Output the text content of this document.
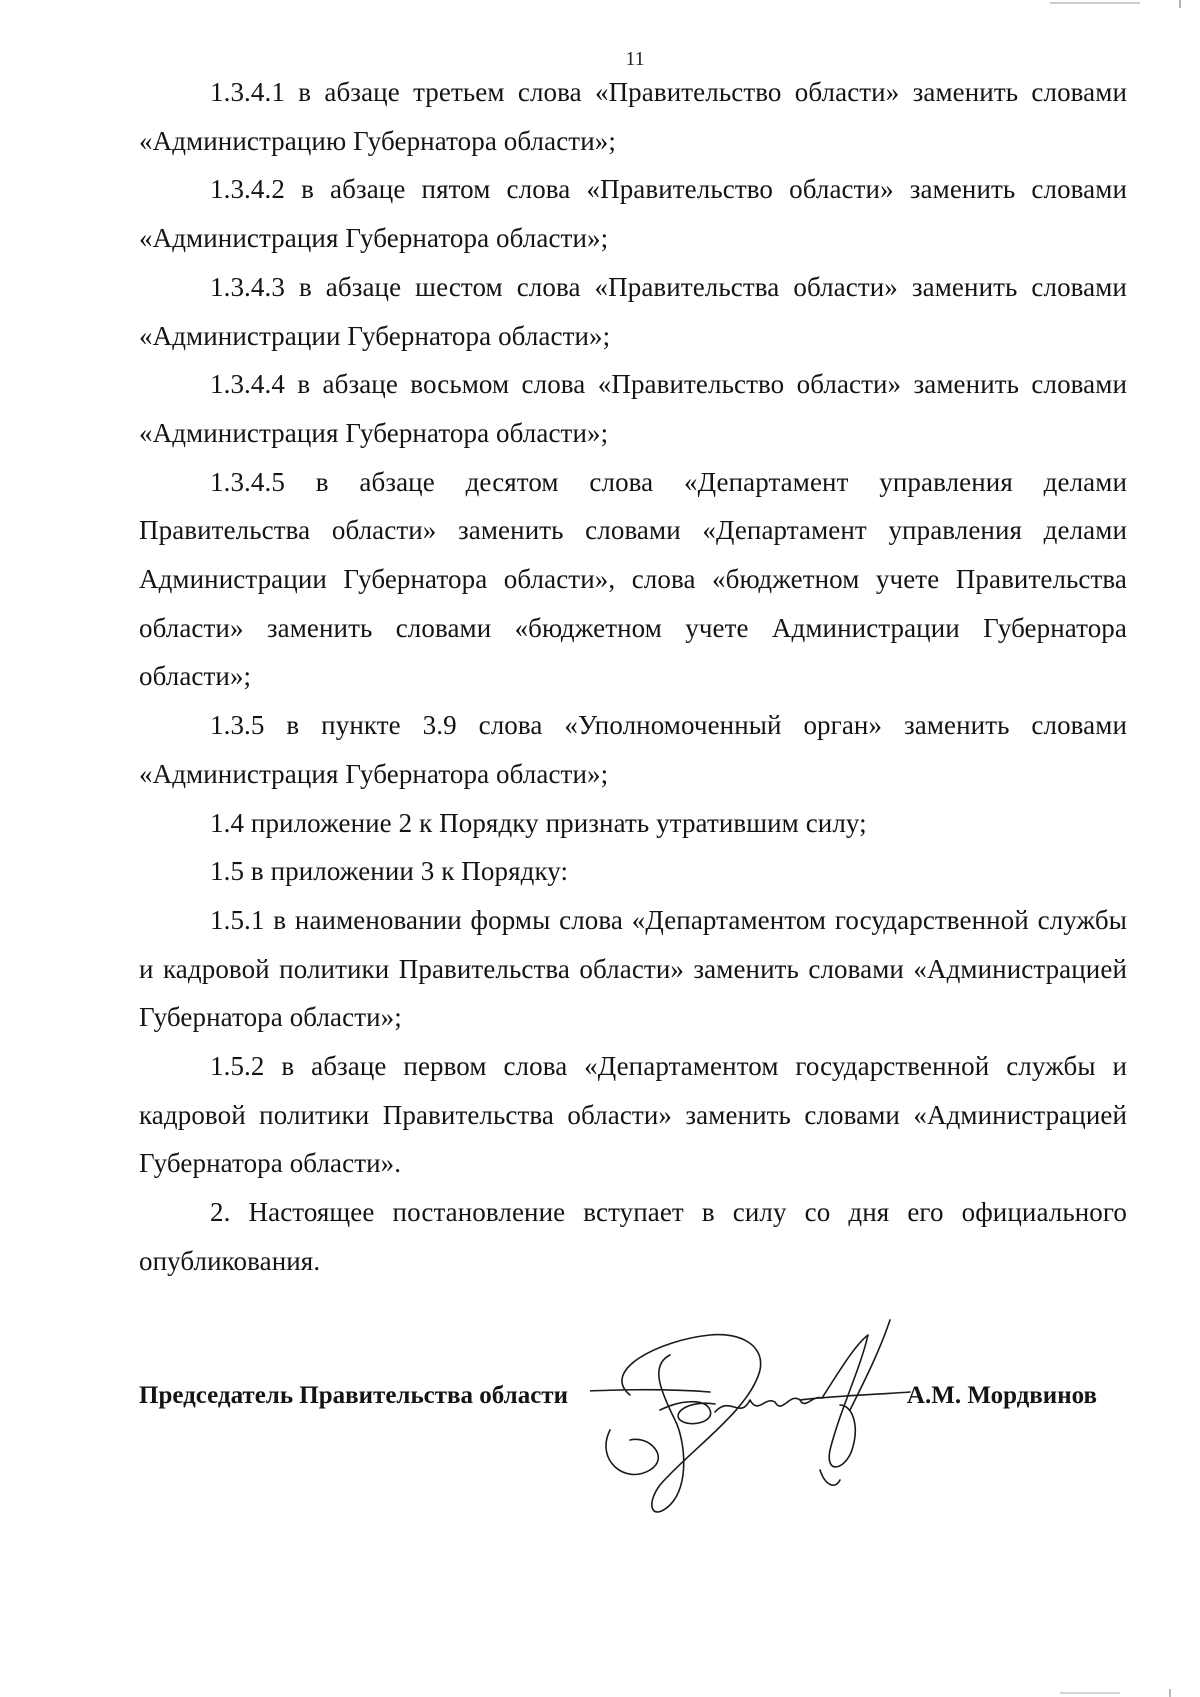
11

1.3.4.1 в абзаце третьем слова «Правительство области» заменить словами «Администрацию Губернатора области»;

1.3.4.2 в абзаце пятом слова «Правительство области» заменить словами «Администрация Губернатора области»;

1.3.4.3 в абзаце шестом слова «Правительства области» заменить словами «Администрации Губернатора области»;

1.3.4.4 в абзаце восьмом слова «Правительство области» заменить словами «Администрация Губернатора области»;

1.3.4.5 в абзаце десятом слова «Департамент управления делами Правительства области» заменить словами «Департамент управления делами Администрации Губернатора области», слова «бюджетном учете Правительства области» заменить словами «бюджетном учете Администрации Губернатора области»;

1.3.5 в пункте 3.9 слова «Уполномоченный орган» заменить словами «Администрация Губернатора области»;

1.4 приложение 2 к Порядку признать утратившим силу;

1.5 в приложении 3 к Порядку:

1.5.1 в наименовании формы слова «Департаментом государственной службы и кадровой политики Правительства области» заменить словами «Администрацией Губернатора области»;

1.5.2 в абзаце первом слова «Департаментом государственной службы и кадровой политики Правительства области» заменить словами «Администрацией Губернатора области».

2. Настоящее постановление вступает в силу со дня его официального опубликования.

Председатель Правительства области	А.М. Мордвинов
